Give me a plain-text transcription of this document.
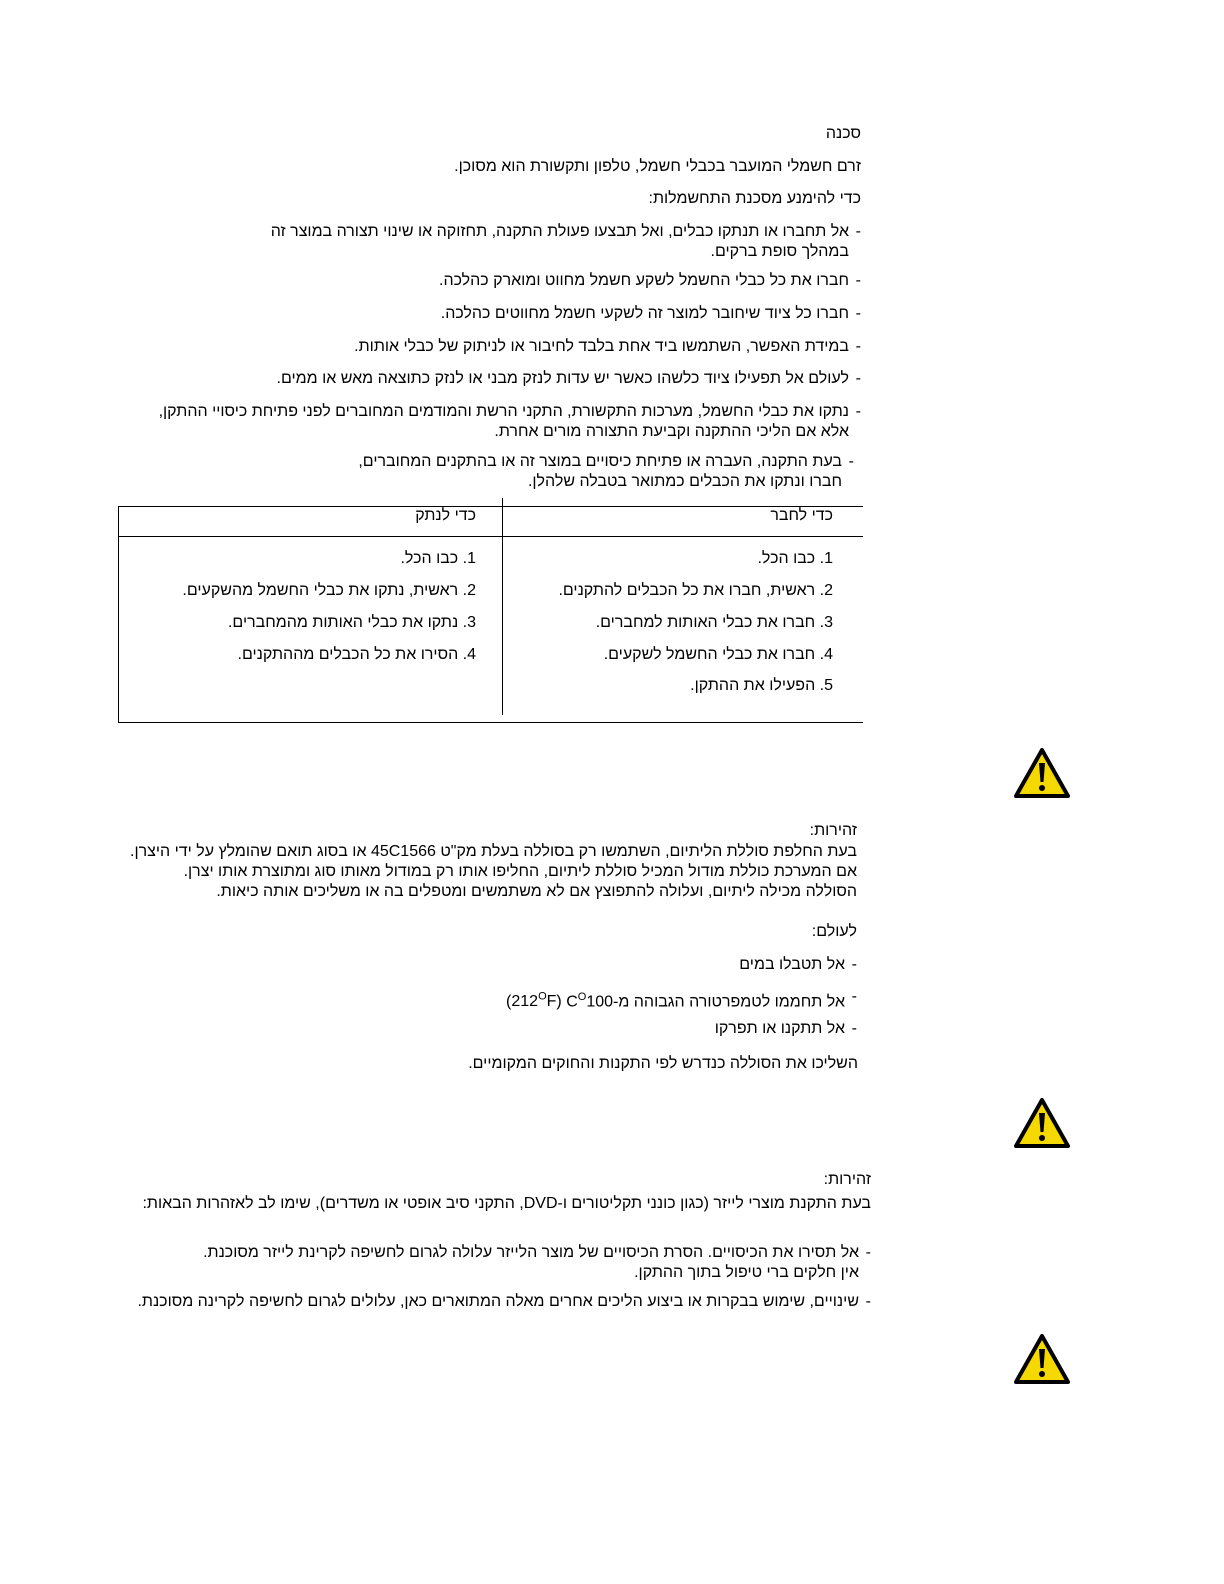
סכנה
זרם חשמלי המועבר בכבלי חשמל, טלפון ותקשורת הוא מסוכן.
כדי להימנע מסכנת התחשמלות:
אל תחברו או תנתקו כבלים, ואל תבצעו פעולת התקנה, תחזוקה או שינוי תצורה במוצר זה
במהלך סופת ברקים.
-
חברו את כל כבלי החשמל לשקע חשמל מחווט ומוארק כהלכה. -
חברו כל ציוד שיחובר למוצר זה לשקעי חשמל מחווטים כהלכה. -
במידת האפשר, השתמשו ביד אחת בלבד לחיבור או לניתוק של כבלי אותות. -
לעולם אל תפעילו ציוד כלשהו כאשר יש עדות לנזק מבני או לנזק כתוצאה מאש או ממים. -
נתקו את כבלי החשמל, מערכות התקשורת, התקני הרשת והמודמים המחוברים לפני פתיחת כיסויי ההתקן,
אלא אם הליכי ההתקנה וקביעת התצורה מורים אחרת.
-
בעת התקנה, העברה או פתיחת כיסויים במוצר זה או בהתקנים המחוברים,
חברו ונתקו את הכבלים כמתואר בטבלה שלהלן.
-
כדי לחבר
כדי לנתק
1. כבו הכל.
2. ראשית, חברו את כל הכבלים להתקנים.
3. חברו את כבלי האותות למחברים.
4. חברו את כבלי החשמל לשקעים.
5. הפעילו את ההתקן.
1. כבו הכל.
2. ראשית, נתקו את כבלי החשמל מהשקעים.
3. נתקו את כבלי האותות מהמחברים.
4. הסירו את כל הכבלים מההתקנים.
זהירות:
בעת החלפת סוללת הליתיום, השתמשו רק בסוללה בעלת מק"ט 45C1566 או בסוג תואם שהומלץ על ידי היצרן.
אם המערכת כוללת מודול המכיל סוללת ליתיום, החליפו אותו רק במודול מאותו סוג ומתוצרת אותו יצרן.
הסוללה מכילה ליתיום, ועלולה להתפוצץ אם לא משתמשים ומטפלים בה או משליכים אותה כיאות.
לעולם:
אל תטבלו במים -
אל תחממו לטמפרטורה הגבוהה $מ-C^O100$ $(212^OF)$	-
אל תתקנו או תפרקו -
השליכו את הסוללה כנדרש לפי התקנות והחוקים המקומיים.
זהירות:
בעת התקנת מוצרי לייזר (כגון כונני תקליטורים ו-DVD, התקני סיב אופטי או משדרים), שימו לב לאזהרות הבאות:
אל תסירו את הכיסויים. הסרת הכיסויים של מוצר הלייזר עלולה לגרום לחשיפה לקרינת לייזר מסוכנת.
אין חלקים ברי טיפול בתוך ההתקן.
-
שינויים, שימוש בבקרות או ביצוע הליכים אחרים מאלה המתוארים כאן, עלולים לגרום לחשיפה לקרינה מסוכנת. -
